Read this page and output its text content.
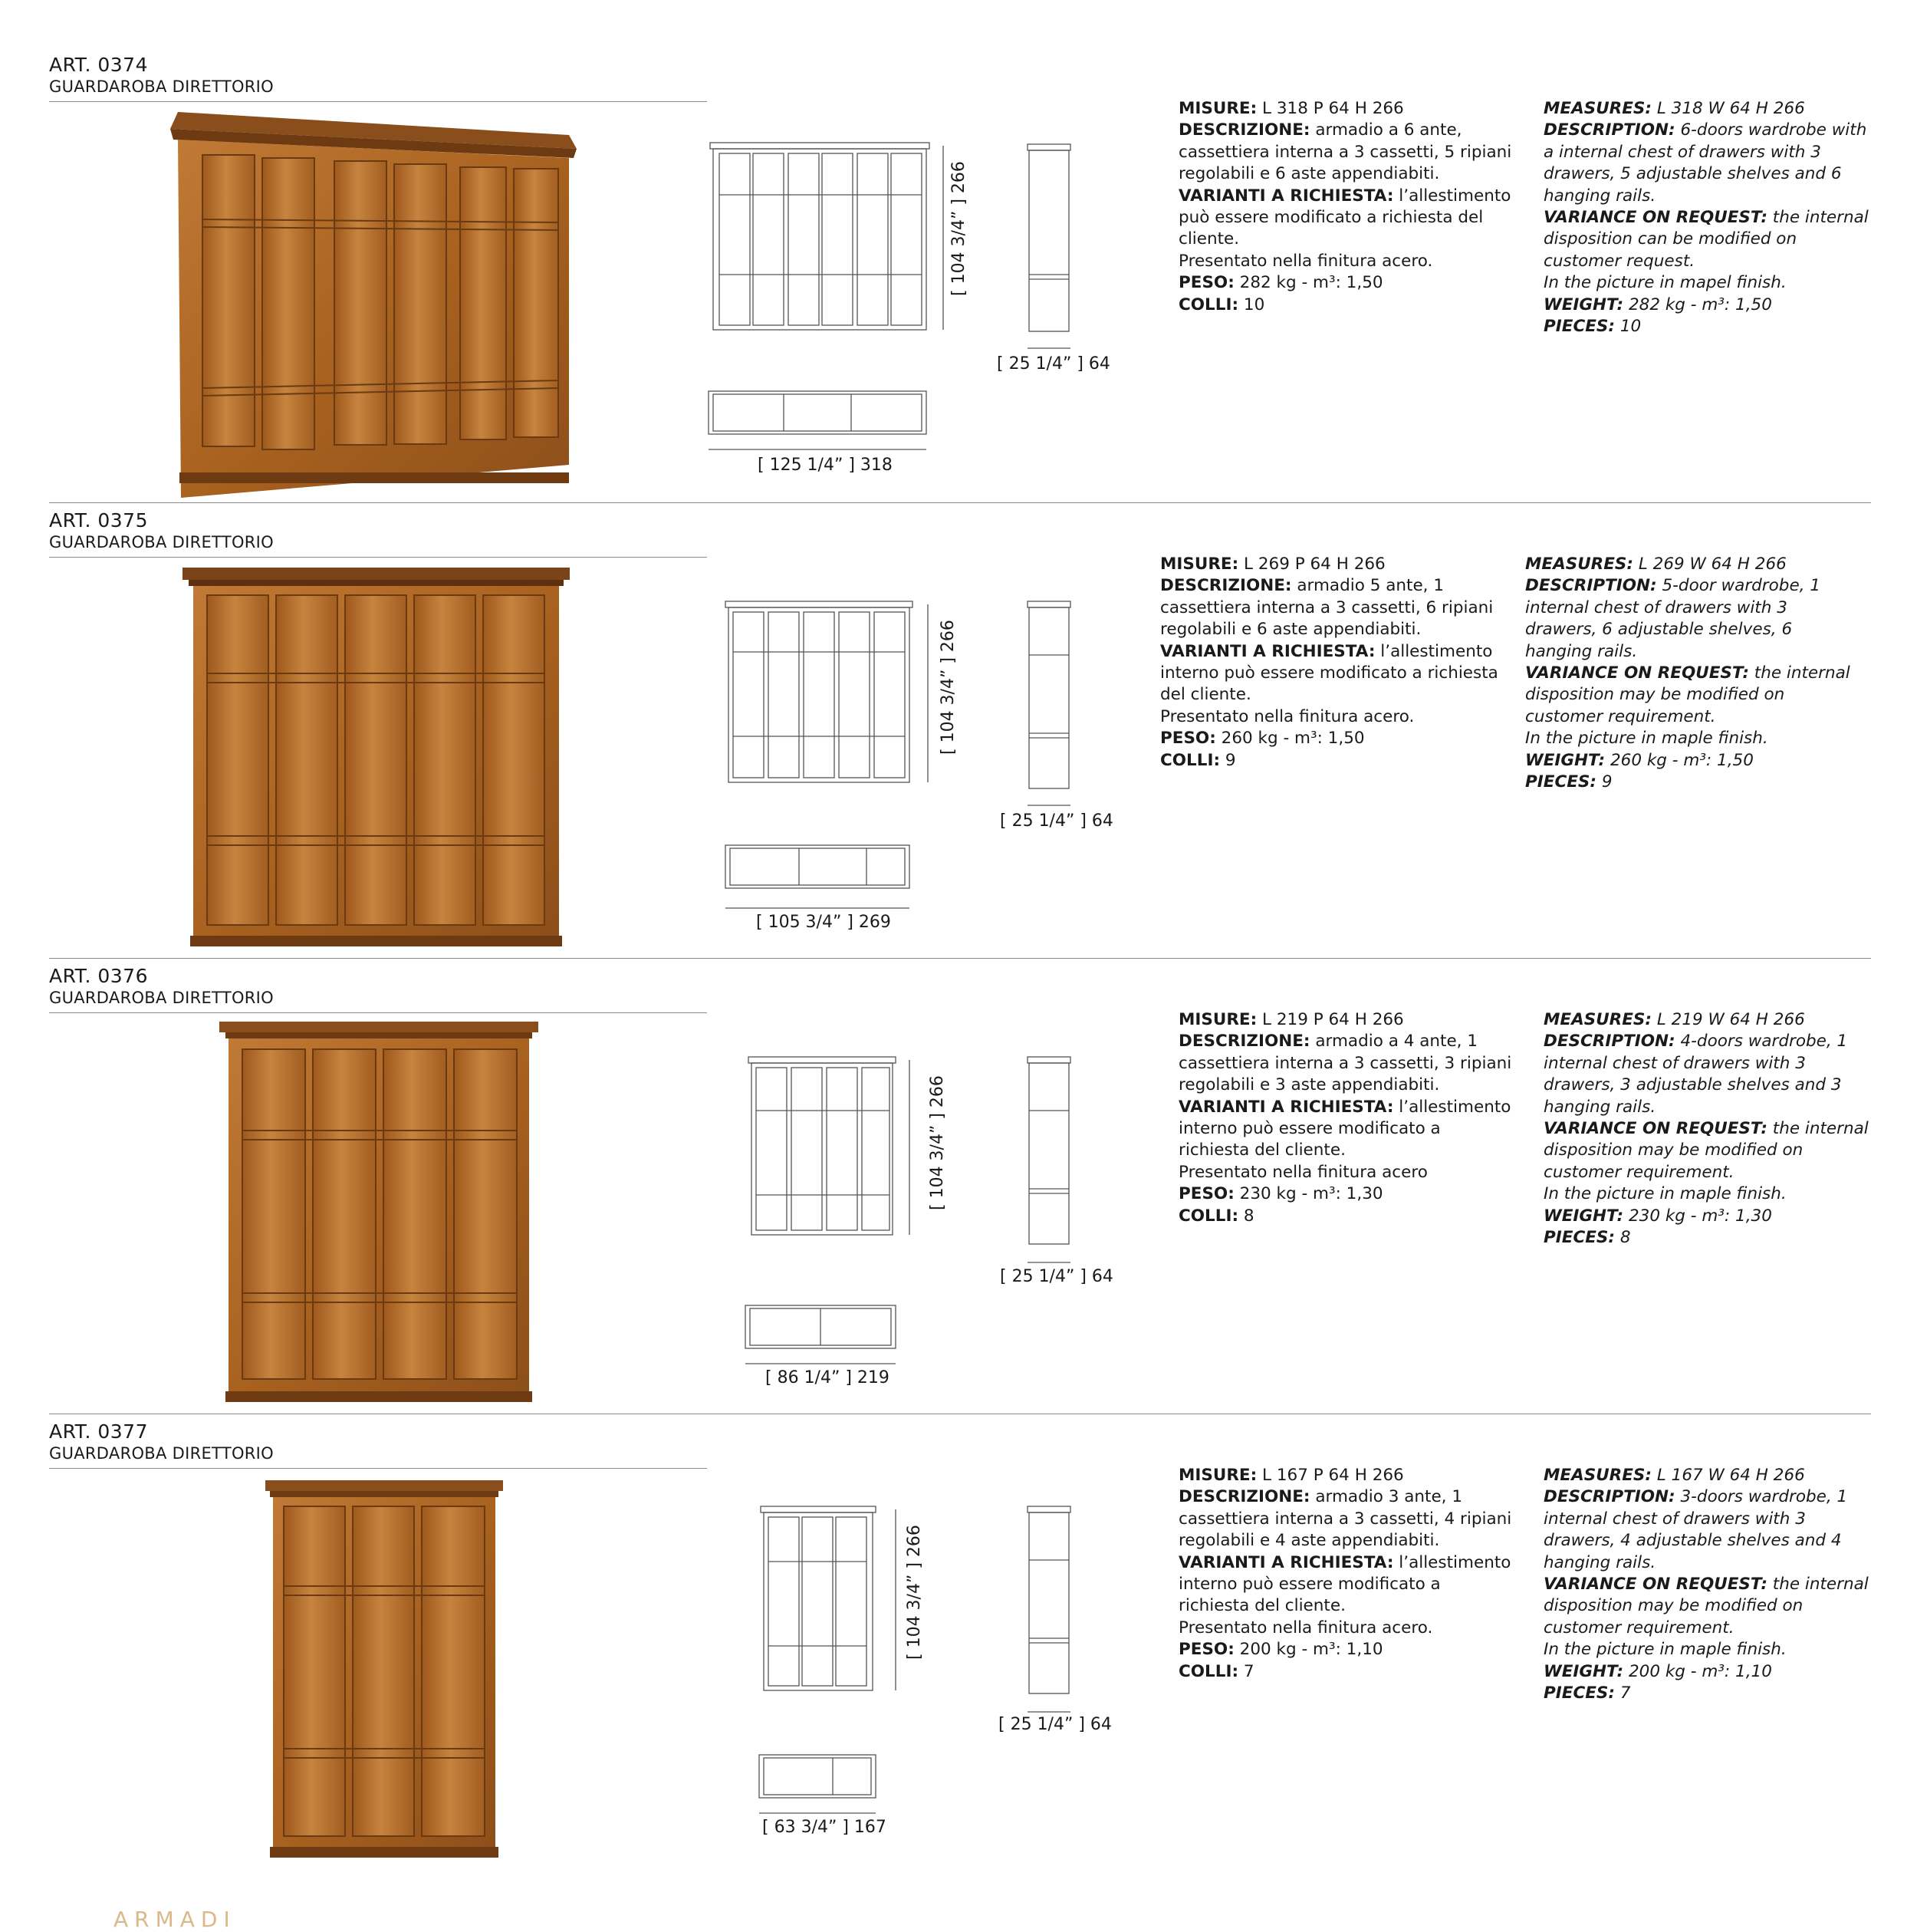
ART. 0374
GUARDAROBA DIRETTORIO
[ 104 3/4” ] 266
[ 25 1/4” ] 64
[ 125 1/4” ] 318

MISURE: L 318 P 64 H 266

DESCRIZIONE: armadio a 6 ante, cassettiera interna a 3 cassetti, 5 ripiani regolabili e 6 aste appendiabiti.

VARIANTI A RICHIESTA: l’allestimento può essere modificato a richiesta del cliente.

Presentato nella finitura acero.

PESO: 282 kg - m³: 1,50

COLLI: 10

MEASURES: L 318 W 64 H 266

DESCRIPTION: 6-doors wardrobe with a internal chest of drawers with 3 drawers, 5 adjustable shelves and 6 hanging rails.

VARIANCE ON REQUEST: the internal disposition can be modified on customer request.

In the picture in mapel finish.

WEIGHT: 282 kg - m³: 1,50

PIECES: 10

ART. 0375
GUARDAROBA DIRETTORIO
[ 104 3/4” ] 266
[ 25 1/4” ] 64
[ 105 3/4” ] 269

MISURE: L 269 P 64 H 266

DESCRIZIONE: armadio 5 ante, 1 cassettiera interna a 3 cassetti, 6 ripiani regolabili e 6 aste appendiabiti.

VARIANTI A RICHIESTA: l’allestimento interno può essere modificato a richiesta del cliente.

Presentato nella finitura acero.

PESO: 260 kg - m³: 1,50

COLLI: 9

MEASURES: L 269 W 64 H 266

DESCRIPTION: 5-door wardrobe, 1 internal chest of drawers with 3 drawers, 6 adjustable shelves, 6 hanging rails.

VARIANCE ON REQUEST: the internal disposition may be modified on customer requirement.

In the picture in maple finish.

WEIGHT: 260 kg - m³: 1,50

PIECES: 9

ART. 0376
GUARDAROBA DIRETTORIO
[ 104 3/4” ] 266
[ 25 1/4” ] 64
[ 86 1/4” ] 219

MISURE: L 219 P 64 H 266

DESCRIZIONE: armadio a 4 ante, 1 cassettiera interna a 3 cassetti, 3 ripiani regolabili e 3 aste appendiabiti.

VARIANTI A RICHIESTA: l’allestimento interno può essere modificato a richiesta del cliente.

Presentato nella finitura acero

PESO: 230 kg - m³: 1,30

COLLI: 8

MEASURES: L 219 W 64 H 266

DESCRIPTION: 4-doors wardrobe, 1 internal chest of drawers with 3 drawers, 3 adjustable shelves and 3 hanging rails.

VARIANCE ON REQUEST: the internal disposition may be modified on customer requirement.

In the picture in maple finish.

WEIGHT: 230 kg - m³: 1,30

PIECES: 8

ART. 0377
GUARDAROBA DIRETTORIO
[ 104 3/4” ] 266
[ 25 1/4” ] 64
[ 63 3/4” ] 167

MISURE: L 167 P 64 H 266

DESCRIZIONE: armadio 3 ante, 1 cassettiera interna a 3 cassetti, 4 ripiani regolabili e 4 aste appendiabiti.

VARIANTI A RICHIESTA: l’allestimento interno può essere modificato a richiesta del cliente.

Presentato nella finitura acero.

PESO: 200 kg - m³: 1,10

COLLI: 7

MEASURES: L 167 W 64 H 266

DESCRIPTION: 3-doors wardrobe, 1 internal chest of drawers with 3 drawers, 4 adjustable shelves and 4 hanging rails.

VARIANCE ON REQUEST: the internal disposition may be modified on customer requirement.

In the picture in maple finish.

WEIGHT: 200 kg - m³: 1,10

PIECES: 7

ARMADI
